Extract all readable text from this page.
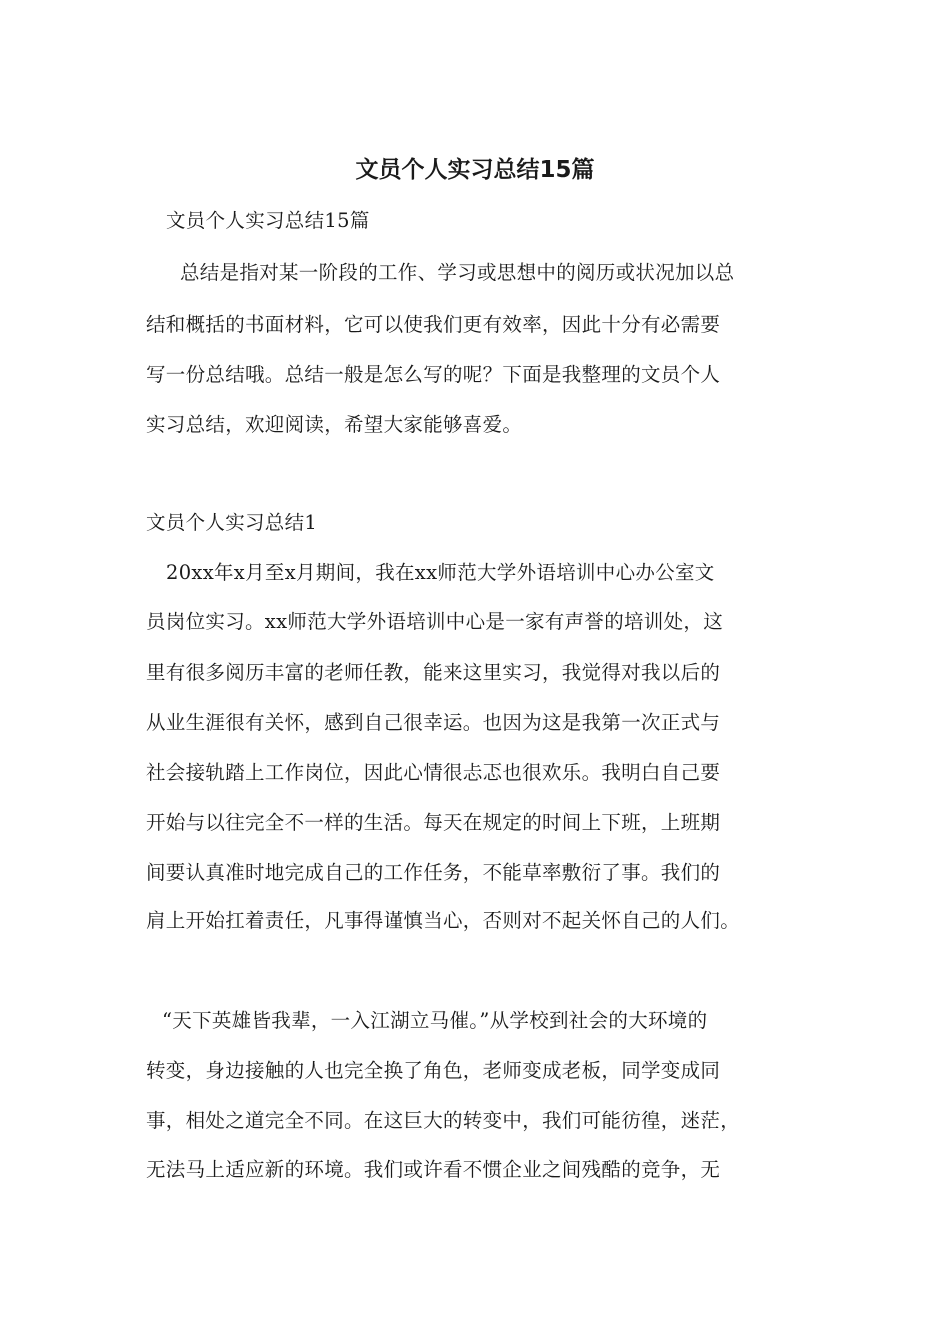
文员个人实习总结15篇

文员个人实习总结15篇

总结是指对某一阶段的工作、学习或思想中的阅历或状况加以总

结和概括的书面材料，它可以使我们更有效率，因此十分有必需要

写一份总结哦。总结一般是怎么写的呢？下面是我整理的文员个人

实习总结，欢迎阅读，希望大家能够喜爱。

文员个人实习总结1

20xx年x月至x月期间，我在xx师范大学外语培训中心办公室文

员岗位实习。xx师范大学外语培训中心是一家有声誉的培训处，这

里有很多阅历丰富的老师任教，能来这里实习，我觉得对我以后的

从业生涯很有关怀，感到自己很幸运。也因为这是我第一次正式与

社会接轨踏上工作岗位，因此心情很忐忑也很欢乐。我明白自己要

开始与以往完全不一样的生活。每天在规定的时间上下班，上班期

间要认真准时地完成自己的工作任务，不能草率敷衍了事。我们的

肩上开始扛着责任，凡事得谨慎当心，否则对不起关怀自己的人们。

“天下英雄皆我辈，一入江湖立马催。”从学校到社会的大环境的

转变，身边接触的人也完全换了角色，老师变成老板，同学变成同

事，相处之道完全不同。在这巨大的转变中，我们可能彷徨，迷茫，

无法马上适应新的环境。我们或许看不惯企业之间残酷的竞争，无
